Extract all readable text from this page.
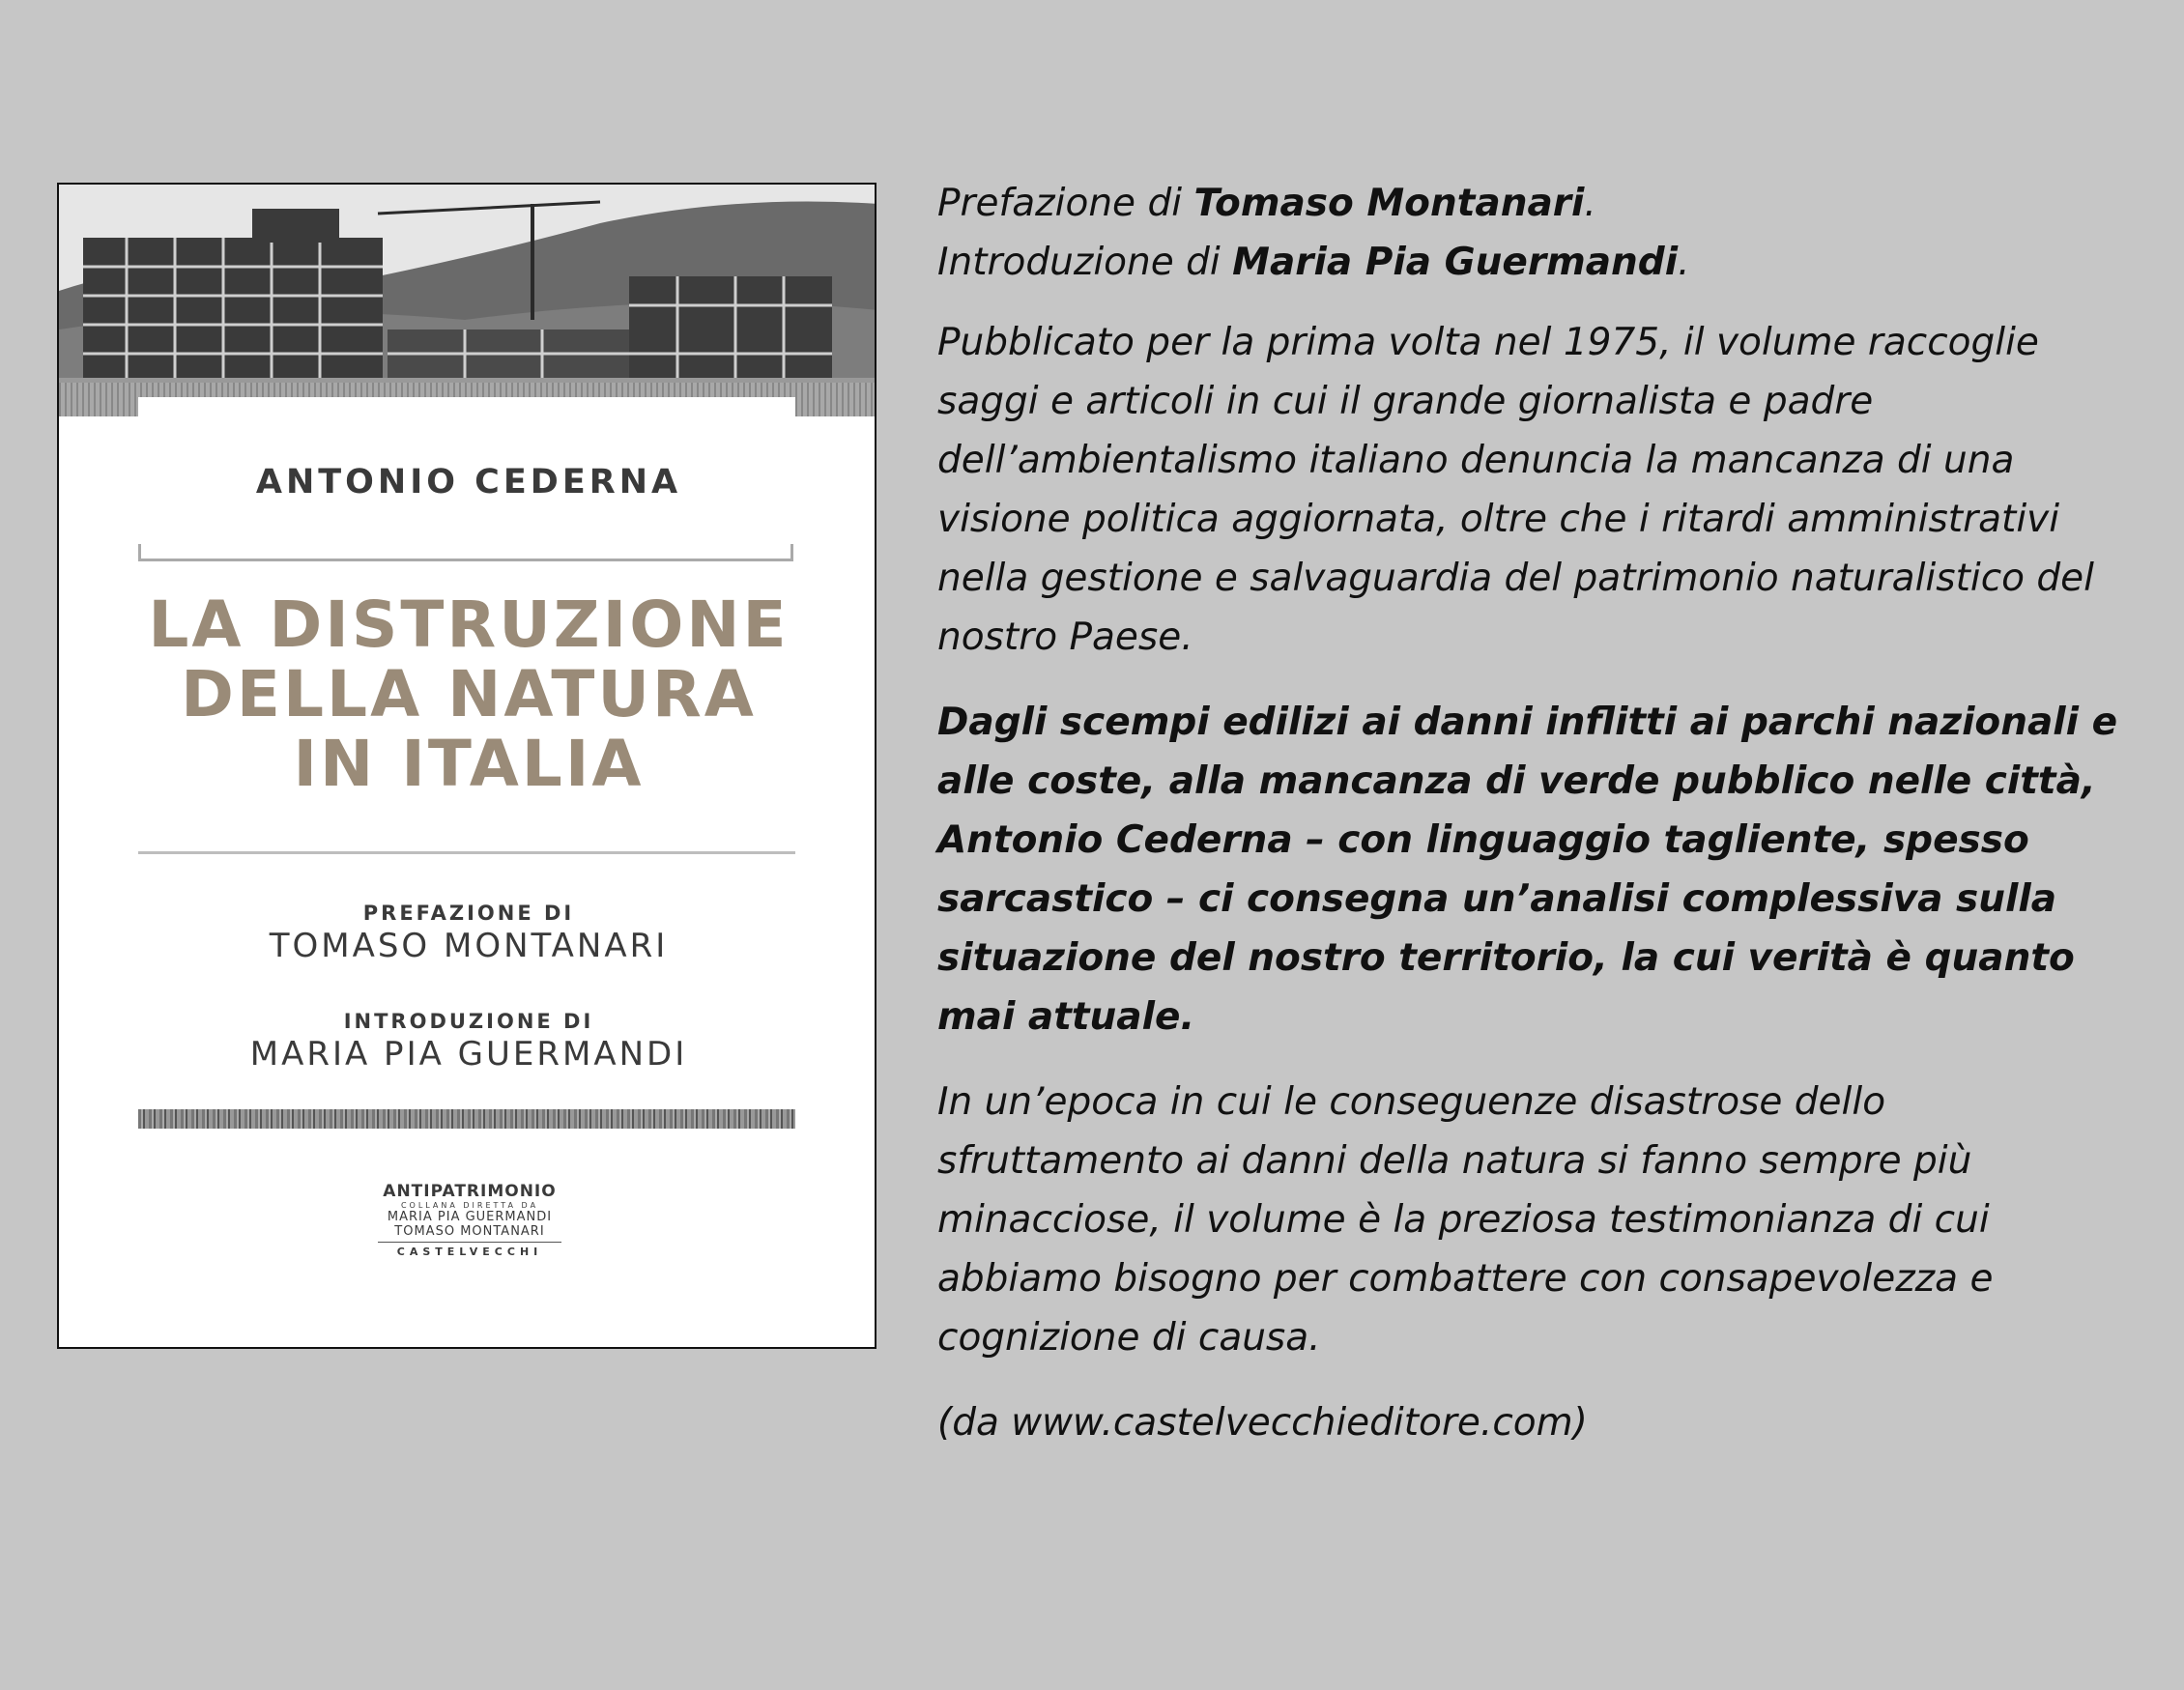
ANTONIO CEDERNA
LA DISTRUZIONE
DELLA NATURA
IN ITALIA
PREFAZIONE DI
TOMASO MONTANARI
INTRODUZIONE DI
MARIA PIA GUERMANDI
ANTIPATRIMONIO
COLLANA DIRETTA DA
MARIA PIA GUERMANDI
TOMASO MONTANARI
CASTELVECCHI

Prefazione di Tomaso Montanari.
Introduzione di Maria Pia Guermandi.

Pubblicato per la prima volta nel 1975, il volume raccoglie saggi e articoli in cui il grande giornalista e padre dell’ambientalismo italiano denuncia la mancanza di una visione politica aggiornata, oltre che i ritardi amministrativi nella gestione e salvaguardia del patrimonio naturalistico del nostro Paese.

Dagli scempi edilizi ai danni inflitti ai parchi nazionali e alle coste, alla mancanza di verde pubblico nelle città, Antonio Cederna – con linguaggio tagliente, spesso sarcastico – ci consegna un’analisi complessiva sulla situazione del nostro territorio, la cui verità è quanto mai attuale.

In un’epoca in cui le conseguenze disastrose dello sfruttamento ai danni della natura si fanno sempre più minacciose, il volume è la preziosa testimonianza di cui abbiamo bisogno per combattere con consapevolezza e cognizione di causa.

(da www.castelvecchieditore.com)
